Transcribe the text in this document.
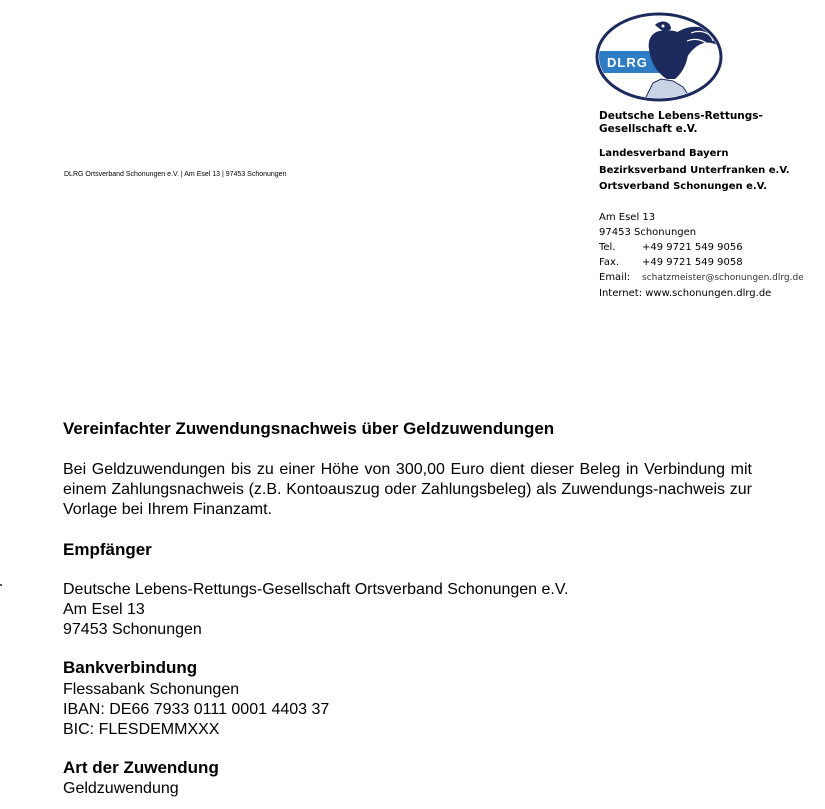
DLRG
Deutsche Lebens-Rettungs-
Gesellschaft e.V.
Landesverband Bayern
Bezirksverband Unterfranken e.V.
Ortsverband Schonungen e.V.
Am Esel 13
97453 Schonungen
Tel.	+49 9721 549 9056
Fax. +49 9721 549 9058
Email: schatzmeister@schonungen.dlrg.de
Internet: www.schonungen.dlrg.de
DLRG Ortsverband Schonungen e.V. | Am Esel 13 | 97453 Schonungen
Vereinfachter Zuwendungsnachweis über Geldzuwendungen
Bei Geldzuwendungen bis zu einer Höhe von 300,00 Euro dient dieser Beleg in Verbindung mit einem Zahlungsnachweis (z.B. Kontoauszug oder Zahlungsbeleg) als Zuwendungs-nachweis zur Vorlage bei Ihrem Finanzamt.
Empfänger
Deutsche Lebens-Rettungs-Gesellschaft Ortsverband Schonungen e.V.
Am Esel 13
97453 Schonungen
Bankverbindung
Flessabank Schonungen
IBAN: DE66 7933 0111 0001 4403 37
BIC: FLESDEMMXXX
Art der Zuwendung
Geldzuwendung
